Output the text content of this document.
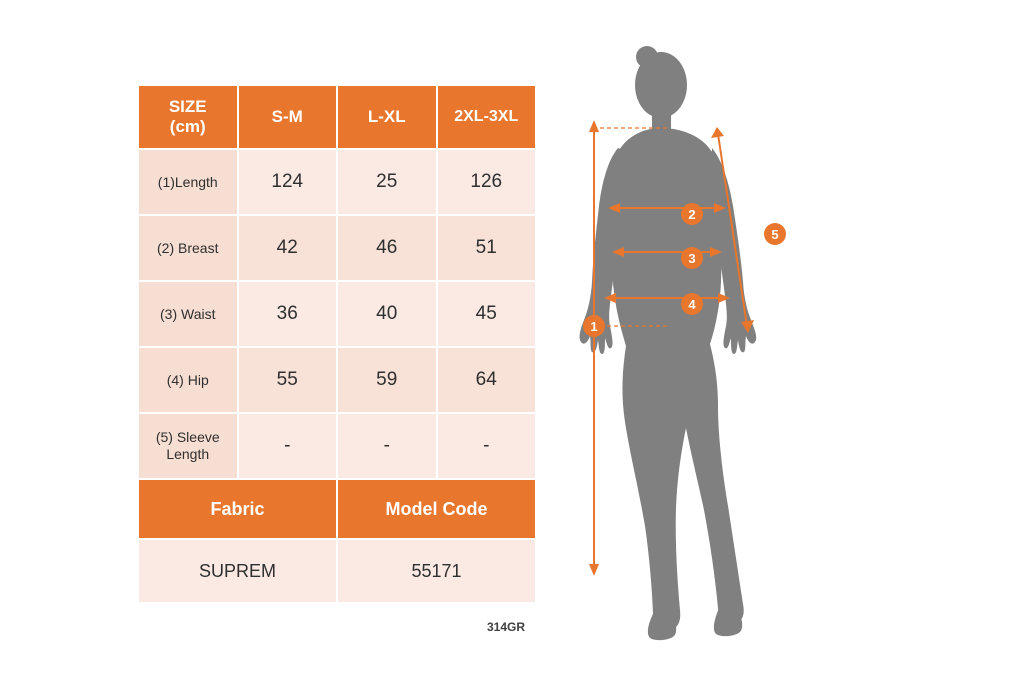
SIZE
(cm)	S-M	L-XL	2XL-3XL
(1)Length	124	25	126
(2) Breast	42	46	51
(3) Waist	36	40	45
(4) Hip	55	59	64

(5) Sleeve
Length	-	-	-
Fabric		Model Code	
SUPREM		55171	
314GR
1
2
3
4
5
